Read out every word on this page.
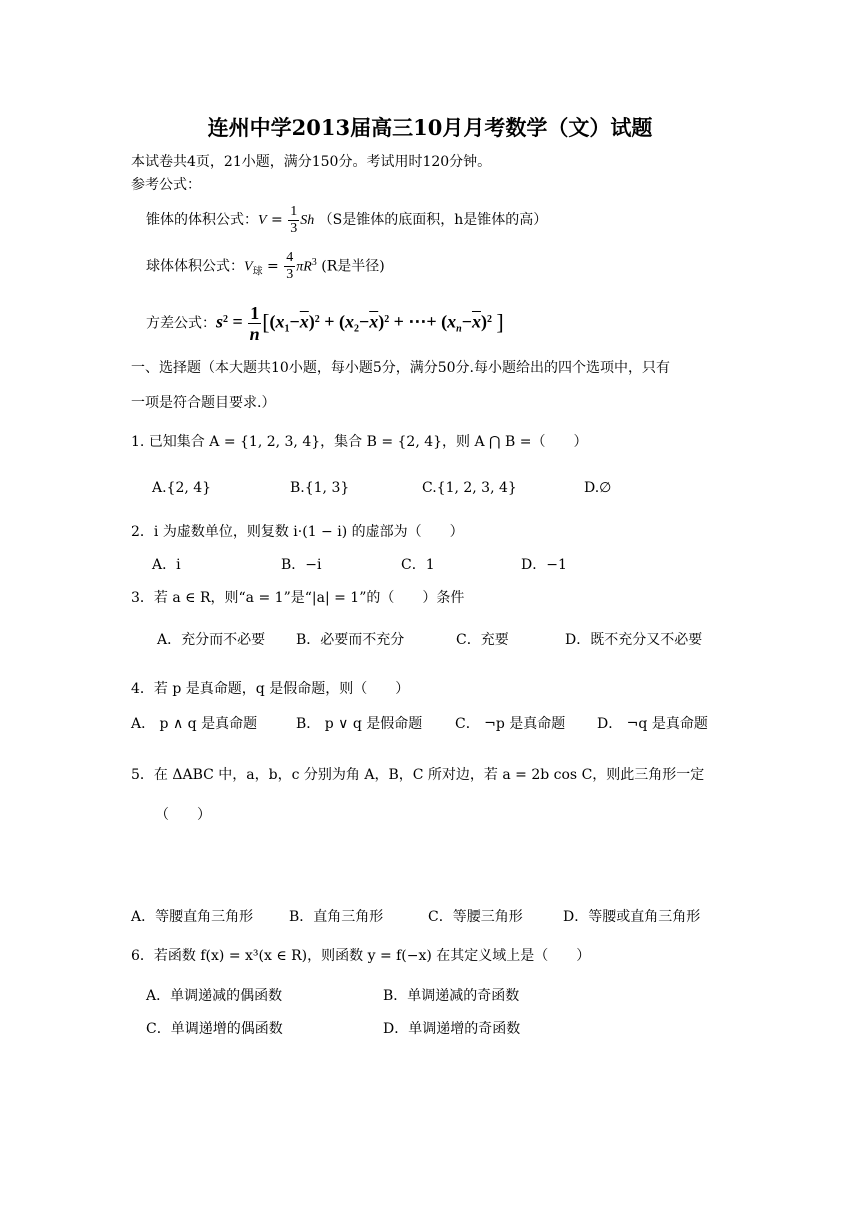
连州中学2013届高三10月月考数学（文）试题
本试卷共4页，21小题，满分150分。考试用时120分钟。
参考公式：
锥体的体积公式：$V = \frac{1}{3}$ Sh （S是锥体的底面积，h是锥体的高）
球体体积公式：$V_球 = \frac{4}{3} \pi R^3$ (R是半径)
方差公式：$s^2 = \frac{1}{n} [(x_1-\overline{x})^2 + (x_2-\overline{x})^2$ + ⋯+ $(x_n-\overline{x})^2$ ]
一、选择题（本大题共10小题，每小题5分，满分50分.每小题给出的四个选项中，只有
一项是符合题目要求.）
1. 已知集合 A = {1, 2, 3, 4}，集合 B = {2, 4}，则 A ⋂ B =（　　）
A.{2, 4}	B.{1, 3}	C.{1, 2, 3, 4}	D.∅
2．i 为虚数单位，则复数 i·(1 − i) 的虚部为（　　）
A．i	B．−i	C．1	D．−1
3．若 a ∈ R，则“a = 1”是“|a| = 1”的（　　）条件
A．充分而不必要 B．必要而不充分	C．充要	D．既不充分又不必要
4．若 p 是真命题，q 是假命题，则（　　）
A． p ∧ q 是真命题	B． p ∨ q 是假命题 C． ¬p 是真命题 D． ¬q 是真命题
5．在 ΔABC 中，a，b，c 分别为角 A，B，C 所对边，若 a = 2b cos C，则此三角形一定
（　　）
A．等腰直角三角形	B．直角三角形	C．等腰三角形	D．等腰或直角三角形
6．若函数 f(x) = x³(x ∈ R)，则函数 y = f(−x) 在其定义域上是（　　）
A．单调递减的偶函数	B．单调递减的奇函数
C．单调递增的偶函数	D．单调递增的奇函数
